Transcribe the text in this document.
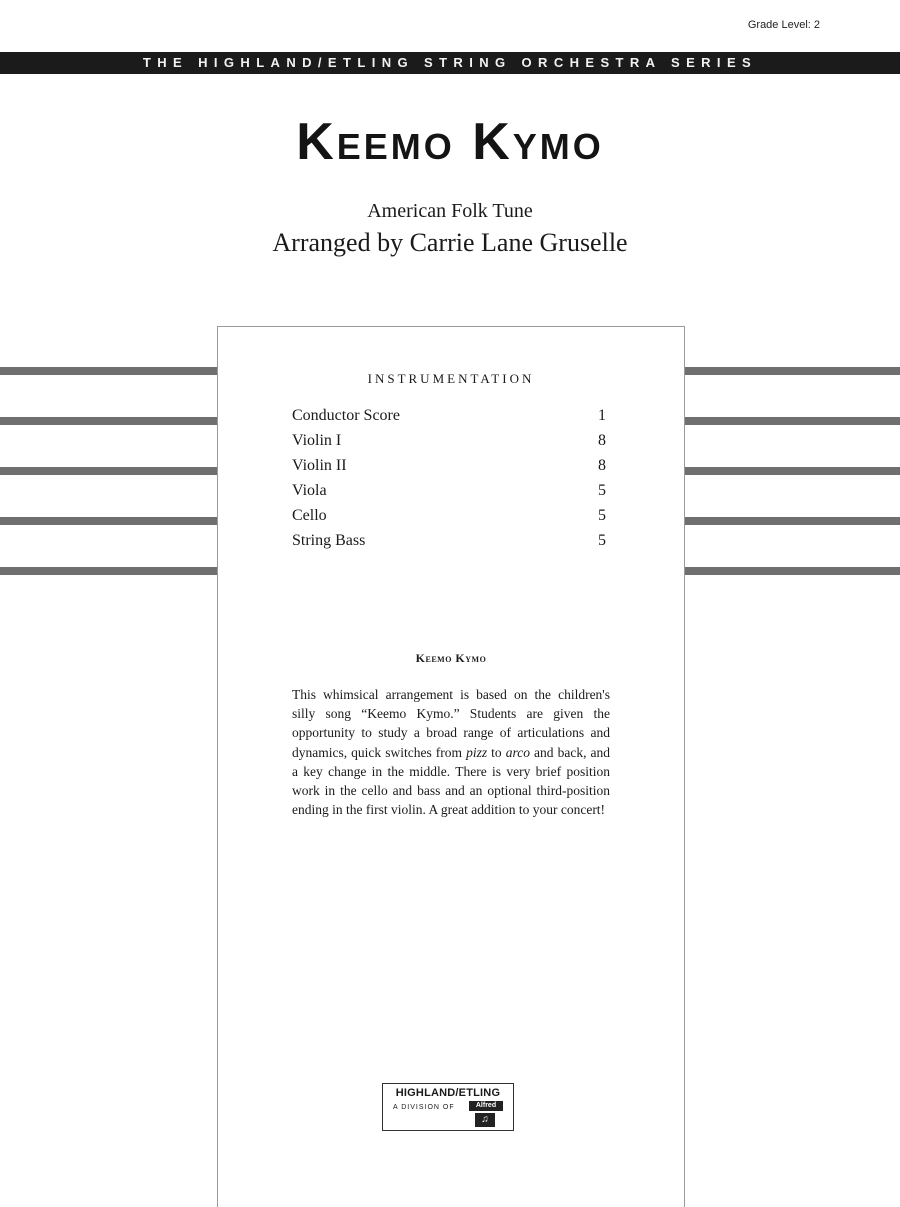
Grade Level: 2
THE HIGHLAND/ETLING STRING ORCHESTRA SERIES
Keemo Kymo
American Folk Tune
Arranged by Carrie Lane Gruselle
INSTRUMENTATION
Conductor Score	1
Violin I	8
Violin II	8
Viola	5
Cello	5
String Bass	5
Keemo Kymo

This whimsical arrangement is based on the children's silly song “Keemo Kymo.” Students are given the opportunity to study a broad range of articulations and dynamics, quick switches from pizz to arco and back, and a key change in the middle. There is very brief position work in the cello and bass and an optional third-position ending in the first violin. A great addition to your concert!

HIGHLAND/ETLING
A DIVISION OF	Alfred
♫
